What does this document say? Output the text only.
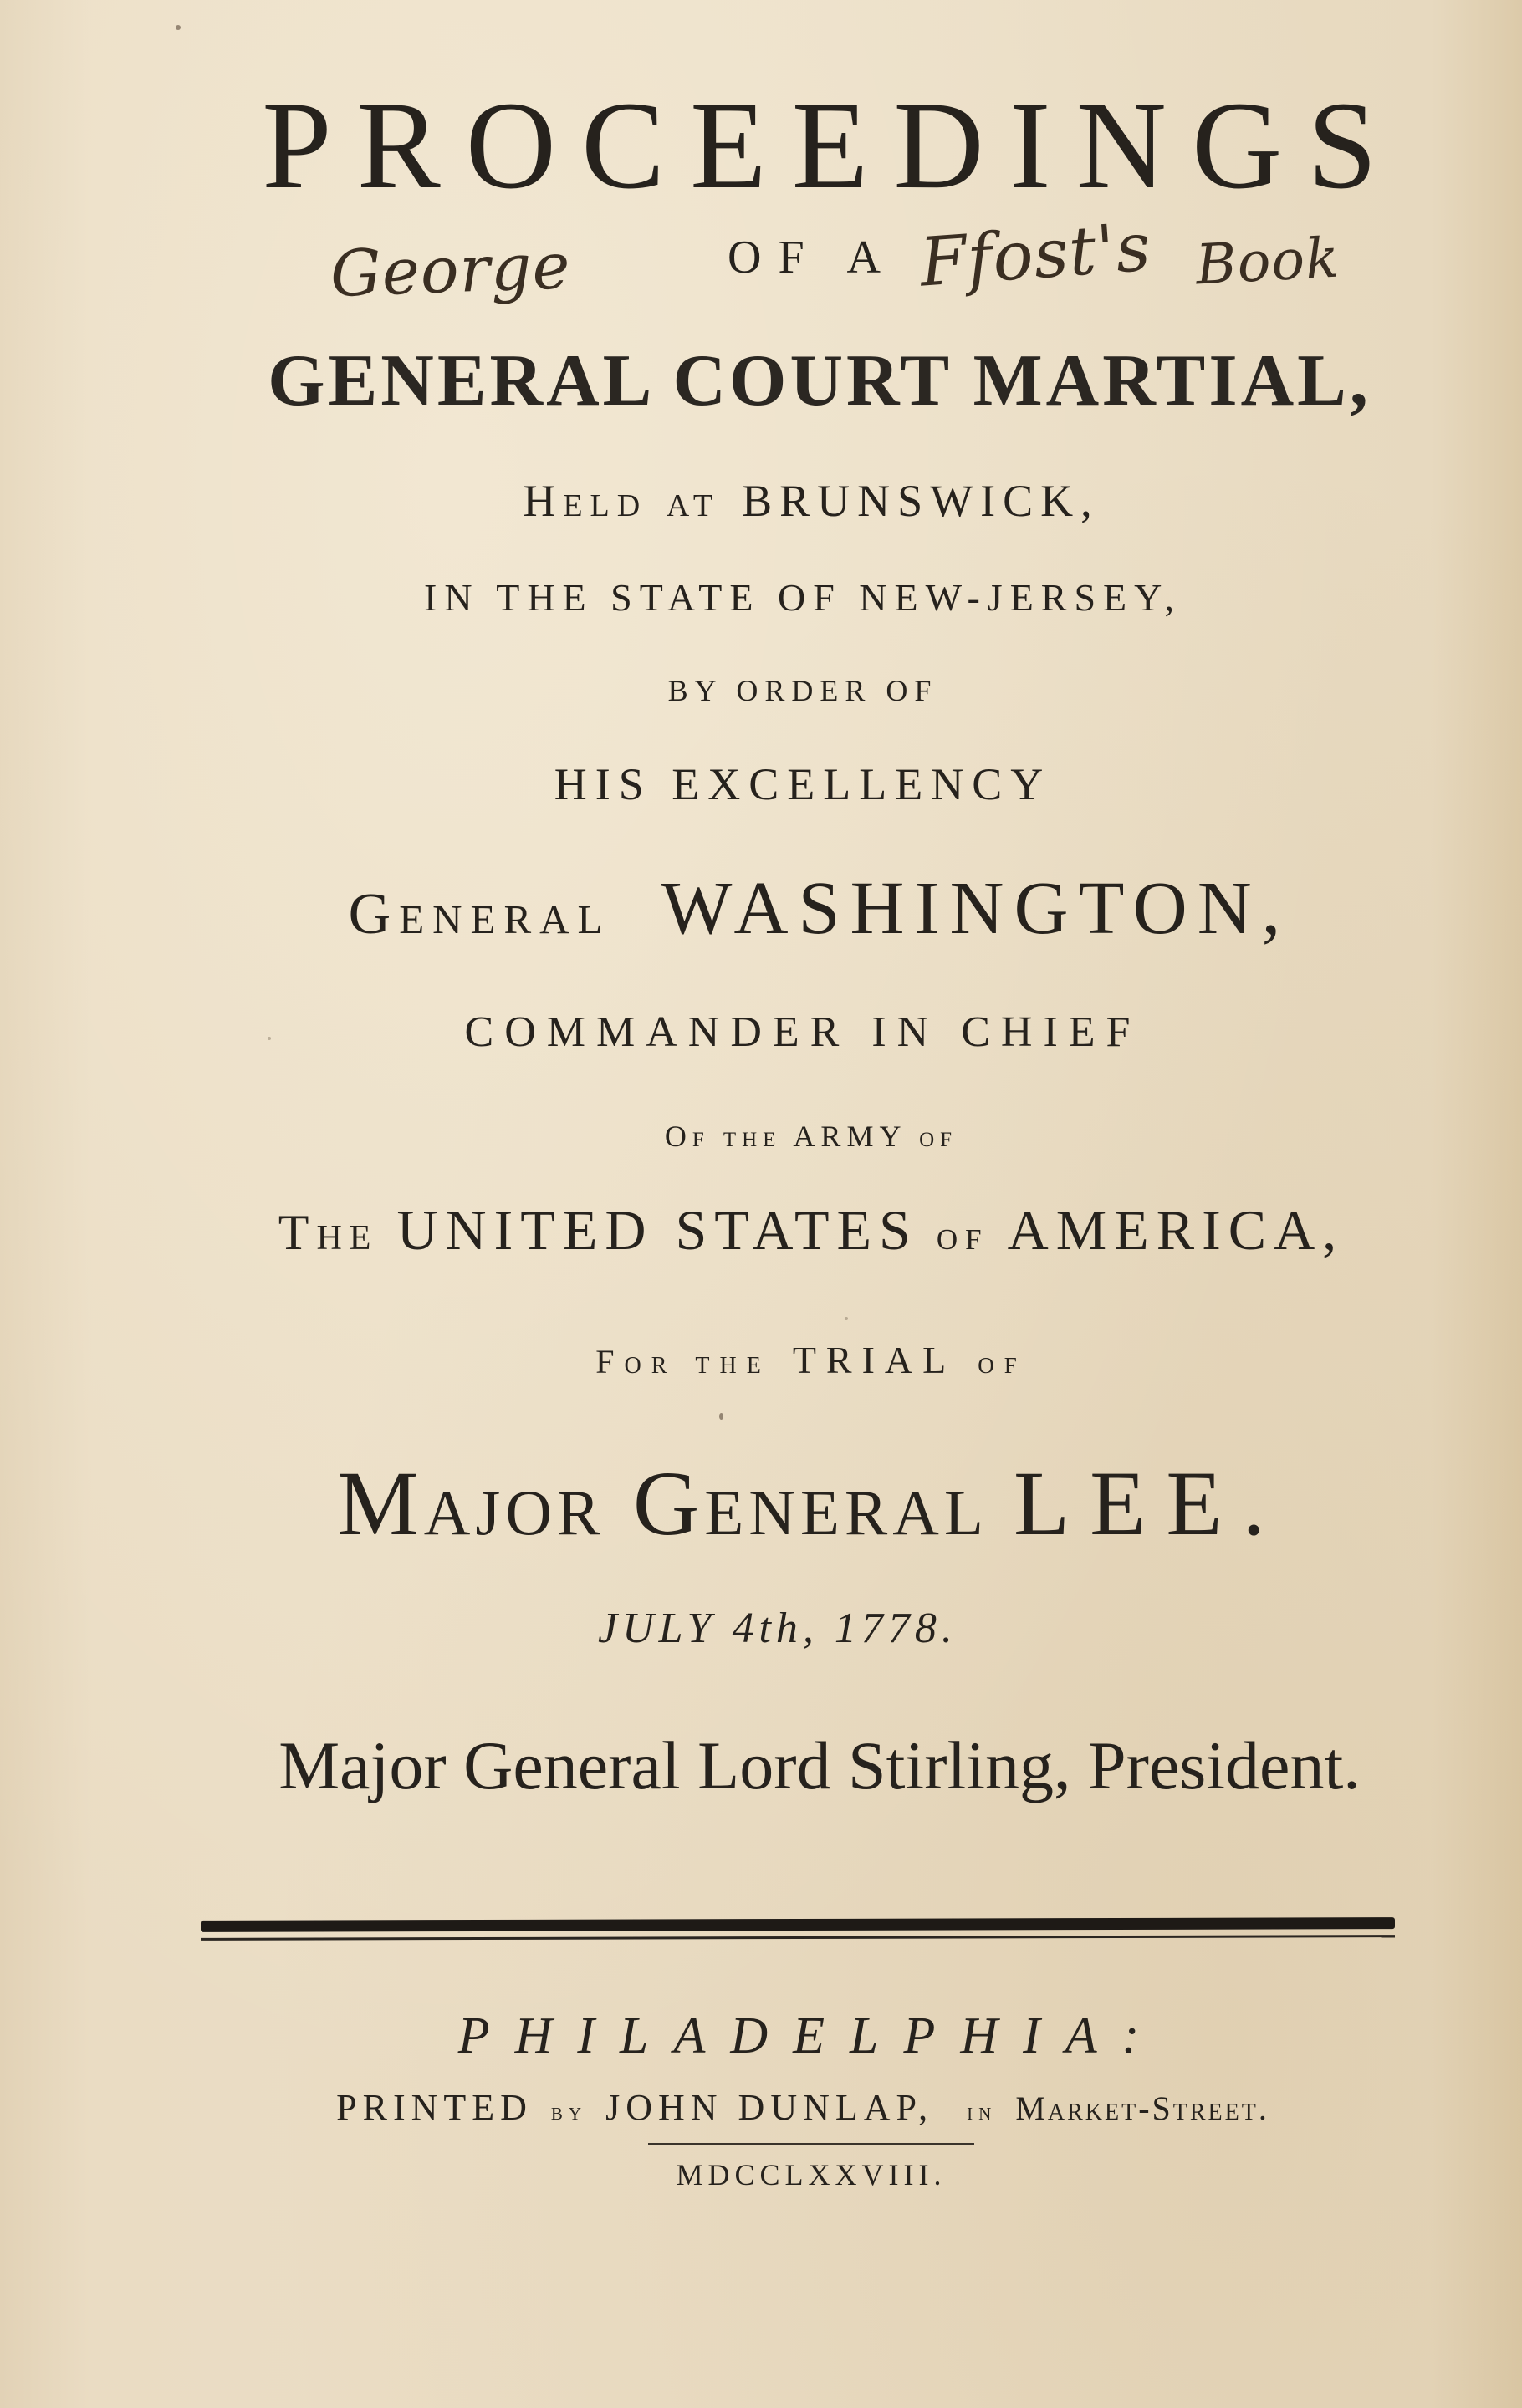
PROCEEDINGS
George	OF A Ffost's Book
GENERAL COURT MARTIAL,
Held at BRUNSWICK,
IN THE STATE OF NEW-JERSEY,
BY ORDER OF
HIS EXCELLENCY
General WASHINGTON,
COMMANDER IN CHIEF
Of the ARMY of
The UNITED STATES of AMERICA,
For the TRIAL of
Major General LEE.
JULY 4th, 1778.
Major General Lord Stirling, President.
PHILADELPHIA:
PRINTED by JOHN DUNLAP, in Market-Street.
MDCCLXXVIII.
